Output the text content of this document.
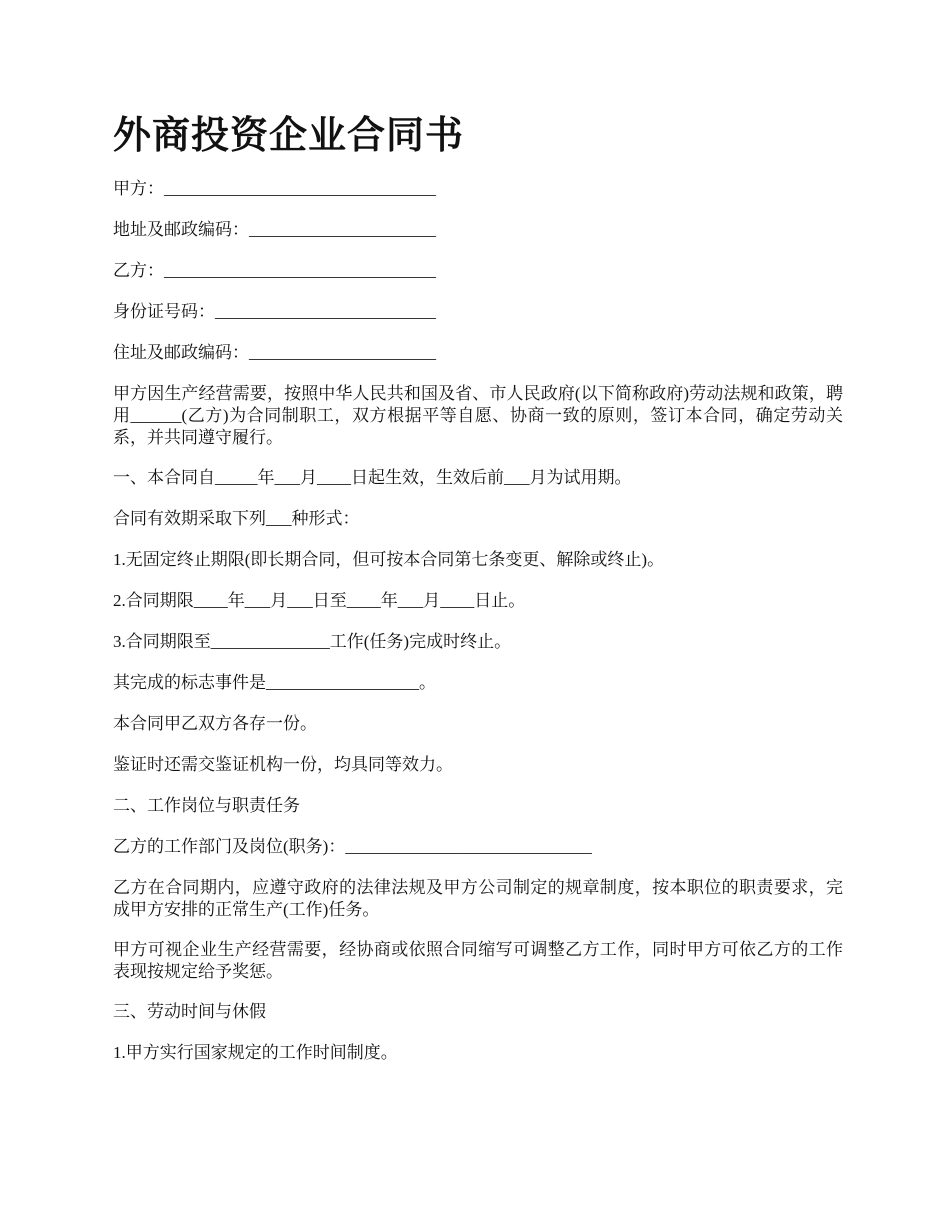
外商投资企业合同书

甲方：________________________________

地址及邮政编码：______________________

乙方：________________________________

身份证号码：__________________________

住址及邮政编码：______________________

甲方因生产经营需要，按照中华人民共和国及省、市人民政府(以下简称政府)劳动法规和政策，聘用______(乙方)为合同制职工，双方根据平等自愿、协商一致的原则，签订本合同，确定劳动关系，并共同遵守履行。

一、本合同自_____年___月____日起生效，生效后前___月为试用期。

合同有效期采取下列___种形式：

1.无固定终止期限(即长期合同，但可按本合同第七条变更、解除或终止)。

2.合同期限____年___月___日至____年___月____日止。

3.合同期限至______________工作(任务)完成时终止。

其完成的标志事件是__________________。

本合同甲乙双方各存一份。

鉴证时还需交鉴证机构一份，均具同等效力。

二、工作岗位与职责任务

乙方的工作部门及岗位(职务)：_____________________________

乙方在合同期内，应遵守政府的法律法规及甲方公司制定的规章制度，按本职位的职责要求，完成甲方安排的正常生产(工作)任务。

甲方可视企业生产经营需要，经协商或依照合同缩写可调整乙方工作，同时甲方可依乙方的工作表现按规定给予奖惩。

三、劳动时间与休假

1.甲方实行国家规定的工作时间制度。
